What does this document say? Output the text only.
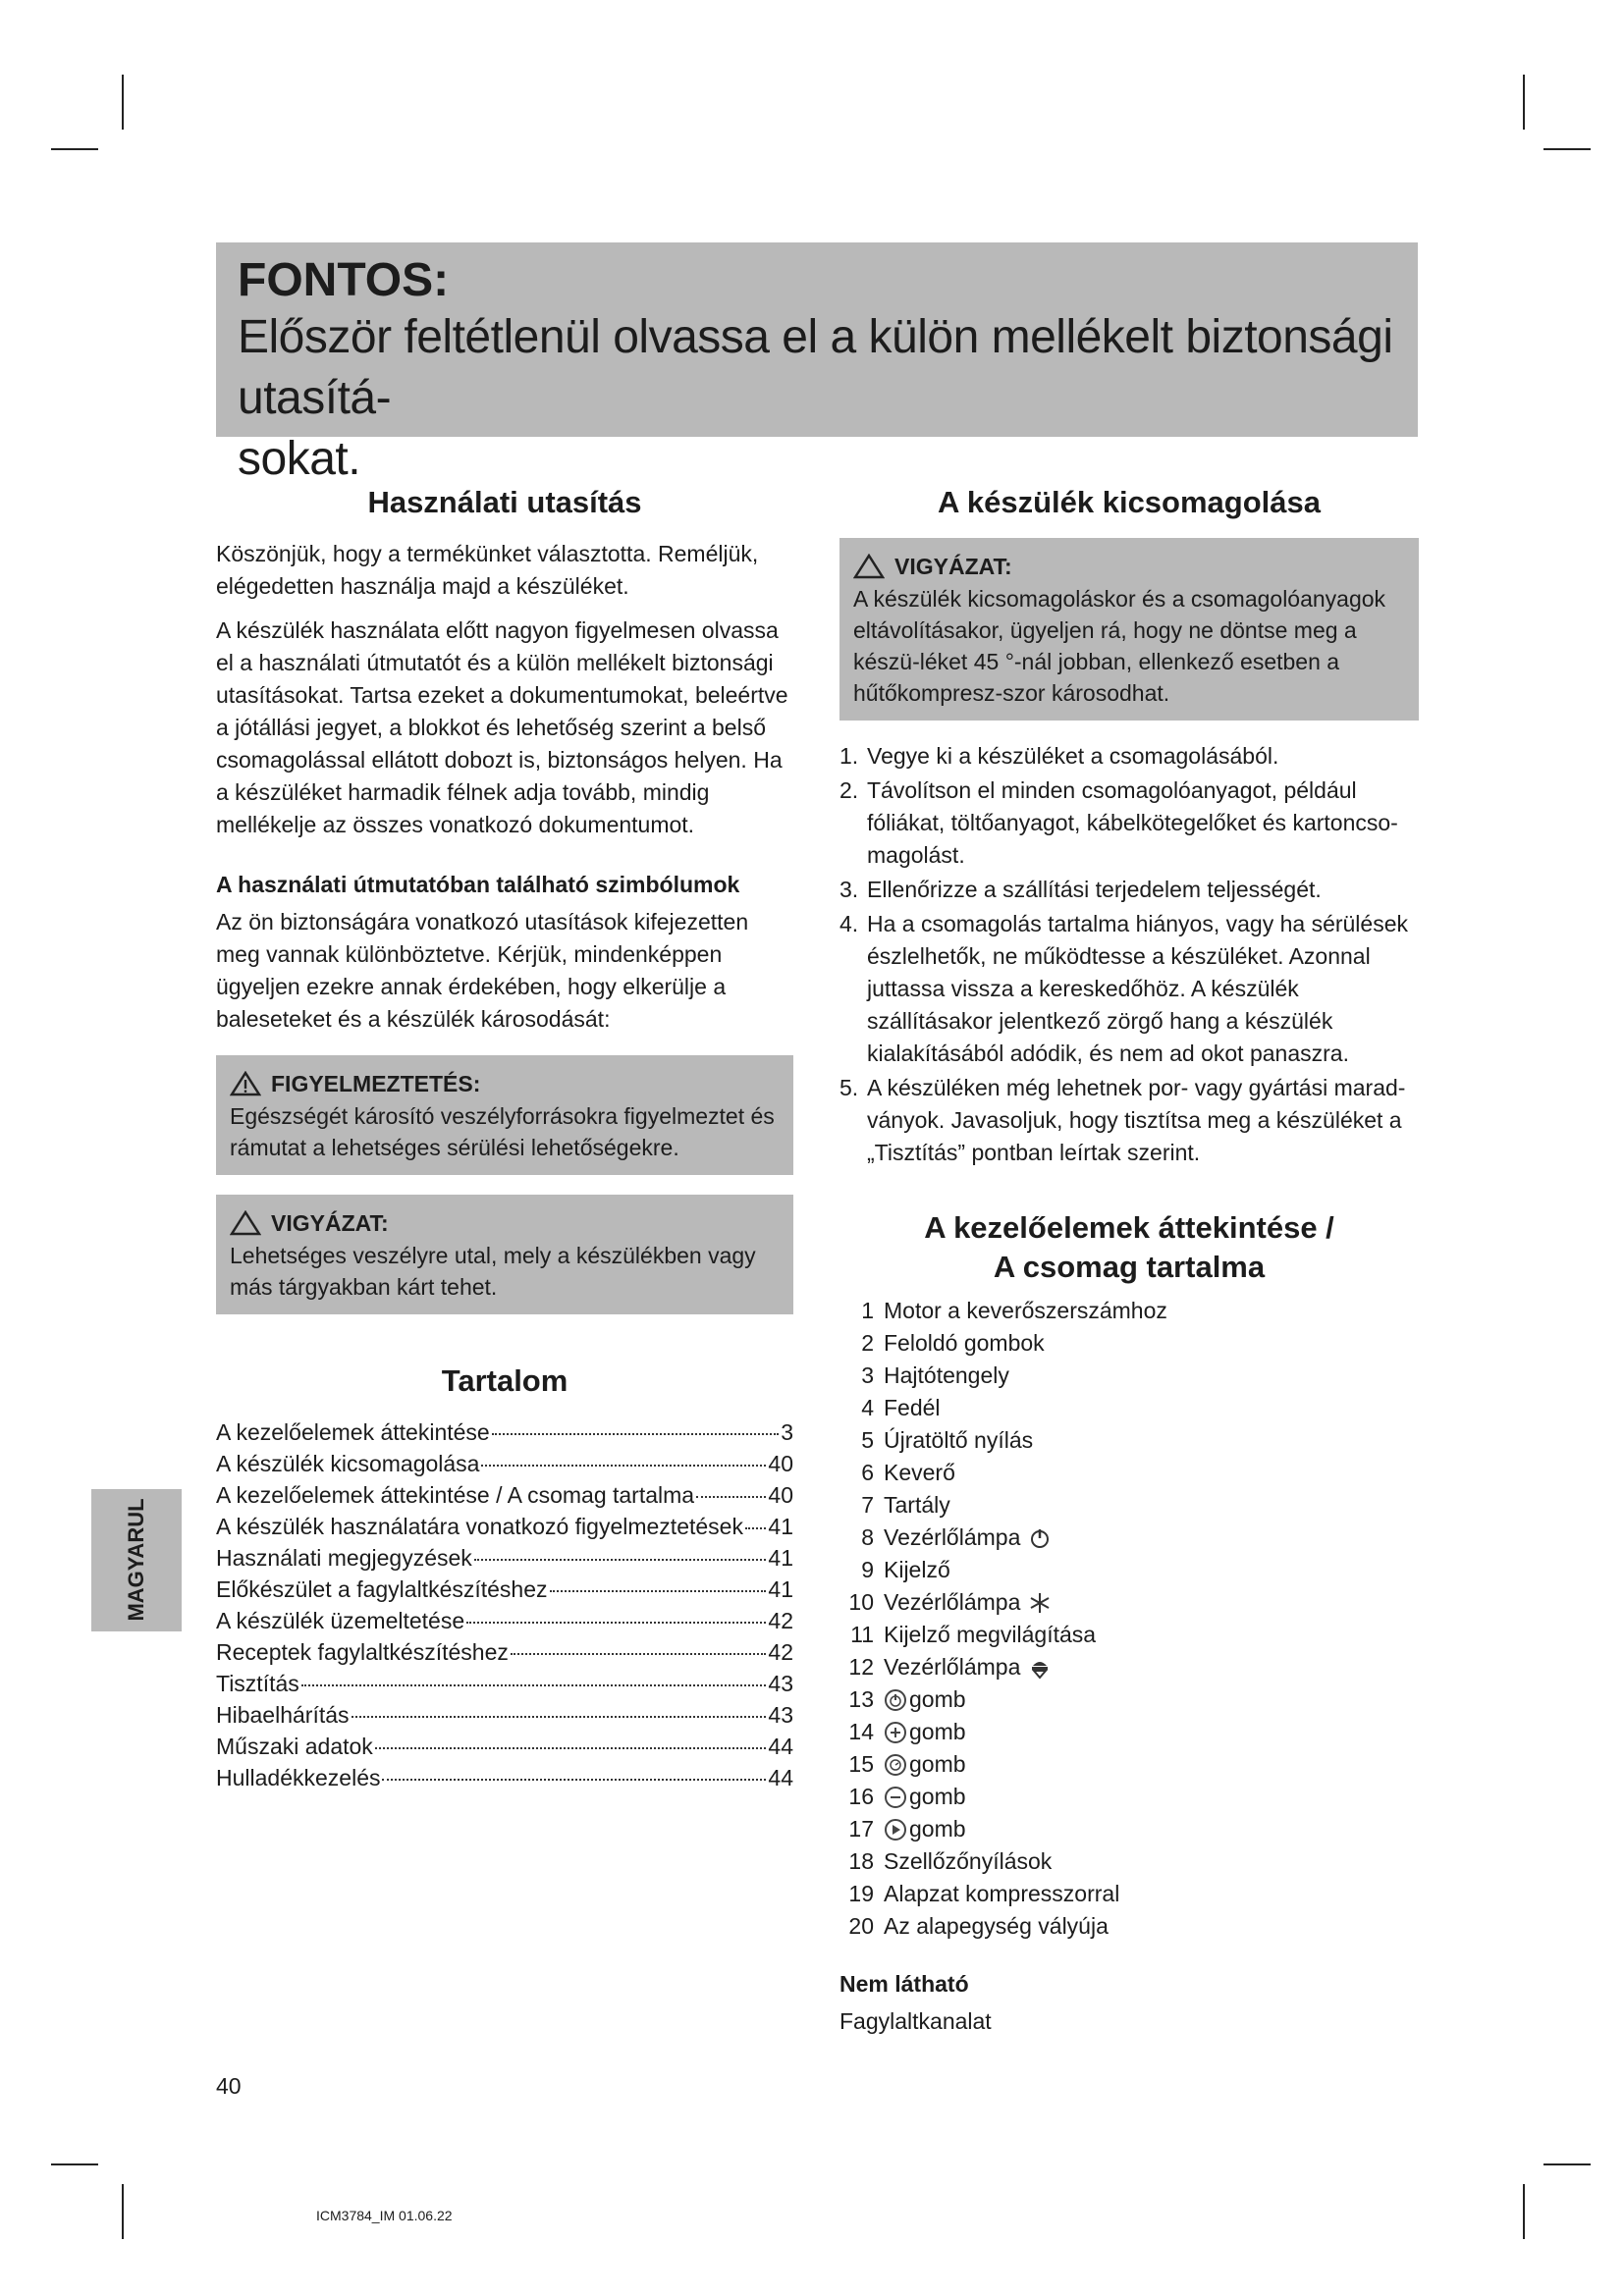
FONTOS:
Először feltétlenül olvassa el a külön mellékelt biztonsági utasítá-
sokat.
Használati utasítás

Köszönjük, hogy a termékünket választotta. Reméljük, elégedetten használja majd a készüléket.

A készülék használata előtt nagyon figyelmesen olvassa el a használati útmutatót és a külön mellékelt biztonsági utasításokat. Tartsa ezeket a dokumentumokat, beleértve a jótállási jegyet, a blokkot és lehetőség szerint a belső csomagolással ellátott dobozt is, biztonságos helyen. Ha a készüléket harmadik félnek adja tovább, mindig mellékelje az összes vonatkozó dokumentumot.

A használati útmutatóban található szimbólumok

Az ön biztonságára vonatkozó utasítások kifejezetten meg vannak különböztetve. Kérjük, mindenképpen ügyeljen ezekre annak érdekében, hogy elkerülje a baleseteket és a készülék károsodását:

FIGYELMEZTETÉS:
Egészségét károsító veszélyforrásokra figyelmeztet és rámutat a lehetséges sérülési lehetőségekre.
VIGYÁZAT:
Lehetséges veszélyre utal, mely a készülékben vagy más tárgyakban kárt tehet.
Tartalom
A kezelőelemek áttekintése	3
A készülék kicsomagolása	40
A kezelőelemek áttekintése / A csomag tartalma	40
A készülék használatára vonatkozó figyelmeztetések 41
Használati megjegyzések	41
Előkészület a fagylaltkészítéshez	41
A készülék üzemeltetése	42
Receptek fagylaltkészítéshez	42
Tisztítás	43
Hibaelhárítás	43
Műszaki adatok	44
Hulladékkezelés	44
A készülék kicsomagolása
VIGYÁZAT:
A készülék kicsomagoláskor és a csomagolóanyagok eltávolításakor, ügyeljen rá, hogy ne döntse meg a készü-léket 45 °-nál jobban, ellenkező esetben a hűtőkompresz-szor károsodhat.
1. Vegye ki a készüléket a csomagolásából.
2. Távolítson el minden csomagolóanyagot, például fóliákat, töltőanyagot, kábelkötegelőket és kartoncso-magolást.
3. Ellenőrizze a szállítási terjedelem teljességét.
4. Ha a csomagolás tartalma hiányos, vagy ha sérülések észlelhetők, ne működtesse a készüléket. Azonnal juttassa vissza a kereskedőhöz. A készülék szállításakor jelentkező zörgő hang a készülék kialakításából adódik, és nem ad okot panaszra.
5. A készüléken még lehetnek por- vagy gyártási marad-ványok. Javasoljuk, hogy tisztítsa meg a készüléket a „Tisztítás” pontban leírtak szerint.
A kezelőelemek áttekintése /
A csomag tartalma
1 Motor a keverőszerszámhoz
2 Feloldó gombok
3 Hajtótengely
4 Fedél
5 Újratöltő nyílás
6 Keverő
7 Tartály
8 Vezérlőlámpa
9 Kijelző
10 Vezérlőlámpa
11 Kijelző megvilágítása
12 Vezérlőlámpa
13 gomb
14 gomb
15 gomb
16 gomb
17 gomb
18 Szellőzőnyílások
19 Alapzat kompresszorral
20 Az alapegység vályúja
Nem látható

Fagylaltkanalat

MAGYARUL
40
ICM3784_IM 01.06.22
